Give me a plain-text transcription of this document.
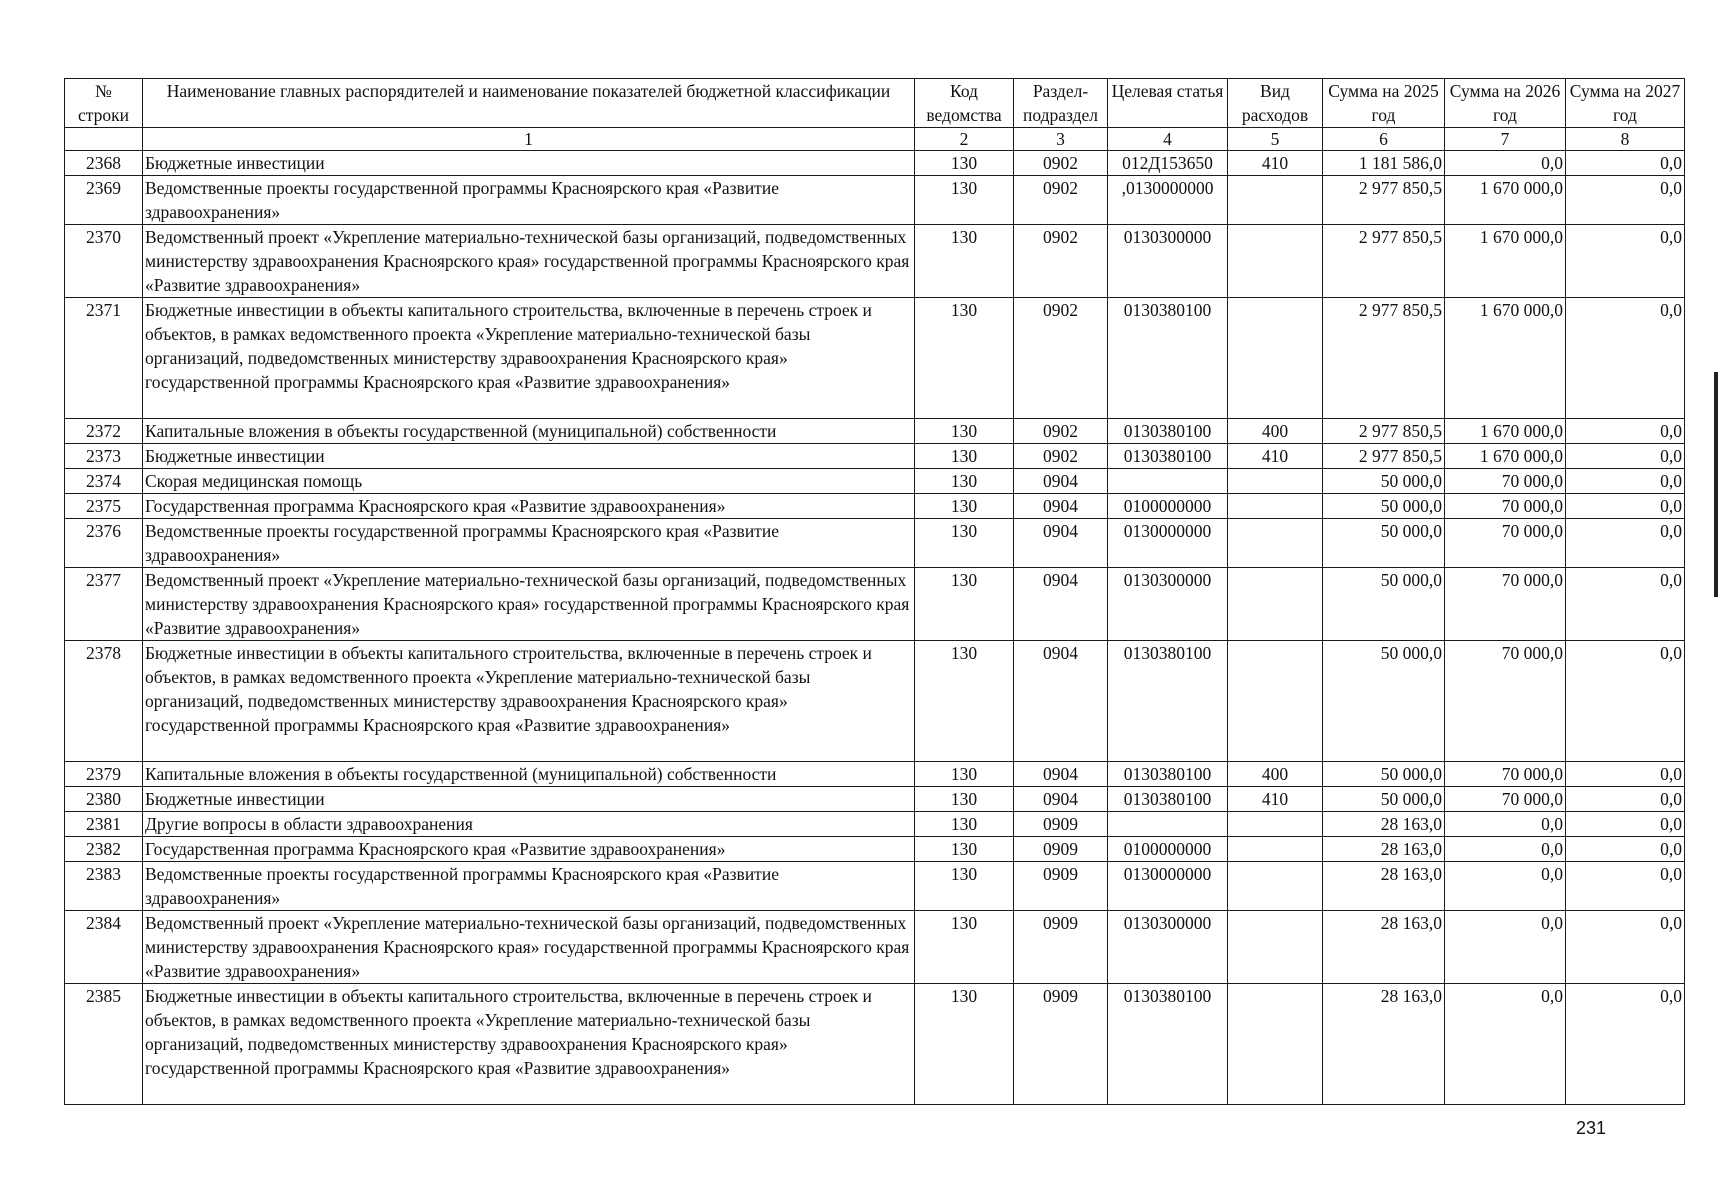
№ строки	Наименование главных распорядителей и наименование показателей бюджетной классификации	Код ведомства	Раздел-подраздел	Целевая статья	Вид расходов	Сумма на 2025 год	Сумма на 2026 год	Сумма на 2027 год
	1	2	3	4	5	6	7	8
2368	Бюджетные инвестиции	130	0902	012Д153650	410	1 181 586,0	0,0	0,0
2369	Ведомственные проекты государственной программы Красноярского края «Развитие здравоохранения»	130	0902	,0130000000		2 977 850,5	1 670 000,0	0,0
2370	Ведомственный проект «Укрепление материально-технической базы организаций, подведомственных министерству здравоохранения Красноярского края» государственной программы Красноярского края «Развитие здравоохранения»	130	0902	0130300000		2 977 850,5	1 670 000,0	0,0
2371	Бюджетные инвестиции в объекты капитального строительства, включенные в перечень строек и объектов, в рамках ведомственного проекта «Укрепление материально-технической базы организаций, подведомственных министерству здравоохранения Красноярского края» государственной программы Красноярского края «Развитие здравоохранения»	130	0902	0130380100		2 977 850,5	1 670 000,0	0,0
2372	Капитальные вложения в объекты государственной (муниципальной) собственности	130	0902	0130380100	400	2 977 850,5	1 670 000,0	0,0
2373	Бюджетные инвестиции	130	0902	0130380100	410	2 977 850,5	1 670 000,0	0,0
2374	Скорая медицинская помощь	130	0904			50 000,0	70 000,0	0,0
2375	Государственная программа Красноярского края «Развитие здравоохранения»	130	0904	0100000000		50 000,0	70 000,0	0,0
2376	Ведомственные проекты государственной программы Красноярского края «Развитие здравоохранения»	130	0904	0130000000		50 000,0	70 000,0	0,0
2377	Ведомственный проект «Укрепление материально-технической базы организаций, подведомственных министерству здравоохранения Красноярского края» государственной программы Красноярского края «Развитие здравоохранения»	130	0904	0130300000		50 000,0	70 000,0	0,0
2378	Бюджетные инвестиции в объекты капитального строительства, включенные в перечень строек и объектов, в рамках ведомственного проекта «Укрепление материально-технической базы организаций, подведомственных министерству здравоохранения Красноярского края» государственной программы Красноярского края «Развитие здравоохранения»	130	0904	0130380100		50 000,0	70 000,0	0,0
2379	Капитальные вложения в объекты государственной (муниципальной) собственности	130	0904	0130380100	400	50 000,0	70 000,0	0,0
2380	Бюджетные инвестиции	130	0904	0130380100	410	50 000,0	70 000,0	0,0
2381	Другие вопросы в области здравоохранения	130	0909			28 163,0	0,0	0,0
2382	Государственная программа Красноярского края «Развитие здравоохранения»	130	0909	0100000000		28 163,0	0,0	0,0
2383	Ведомственные проекты государственной программы Красноярского края «Развитие здравоохранения»	130	0909	0130000000		28 163,0	0,0	0,0
2384	Ведомственный проект «Укрепление материально-технической базы организаций, подведомственных министерству здравоохранения Красноярского края» государственной программы Красноярского края «Развитие здравоохранения»	130	0909	0130300000		28 163,0	0,0	0,0
2385	Бюджетные инвестиции в объекты капитального строительства, включенные в перечень строек и объектов, в рамках ведомственного проекта «Укрепление материально-технической базы организаций, подведомственных министерству здравоохранения Красноярского края» государственной программы Красноярского края «Развитие здравоохранения»	130	0909	0130380100		28 163,0	0,0	0,0
231
